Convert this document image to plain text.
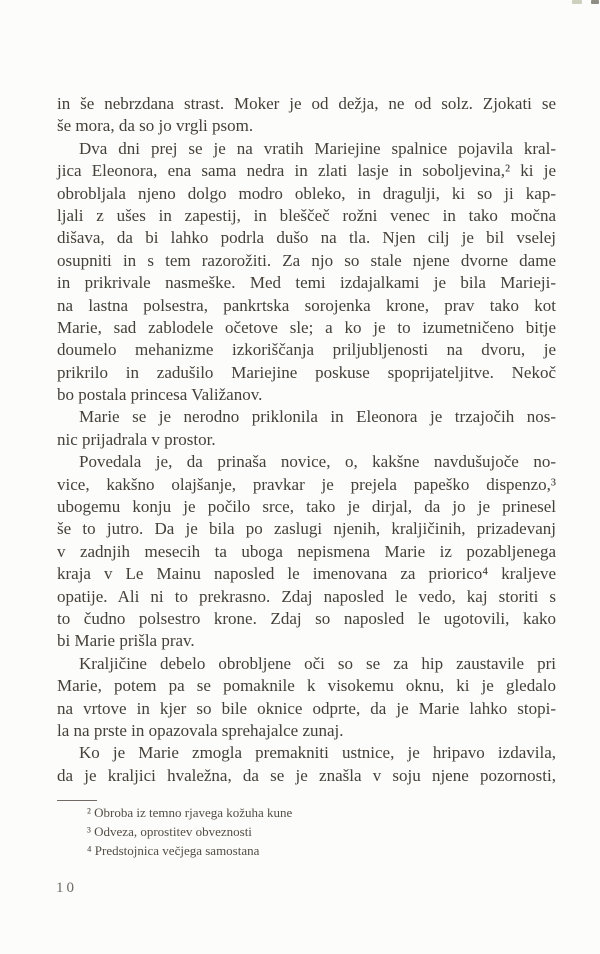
in še nebrzdana strast. Moker je od dežja, ne od solz. Zjokati se
še mora, da so jo vrgli psom.
Dva dni prej se je na vratih Mariejine spalnice pojavila kral-
jica Eleonora, ena sama nedra in zlati lasje in soboljevina,² ki je
obrobljala njeno dolgo modro obleko, in dragulji, ki so ji kap-
ljali z ušes in zapestij, in bleščeč rožni venec in tako močna
dišava, da bi lahko podrla dušo na tla. Njen cilj je bil vselej
osupniti in s tem razorožiti. Za njo so stale njene dvorne dame
in prikrivale nasmeške. Med temi izdajalkami je bila Marieji-
na lastna polsestra, pankrtska sorojenka krone, prav tako kot
Marie, sad zablodele očetove sle; a ko je to izumetničeno bitje
doumelo mehanizme izkoriščanja priljubljenosti na dvoru, je
prikrilo in zadušilo Mariejine poskuse spoprijateljitve. Nekoč
bo postala princesa Valižanov.
Marie se je nerodno priklonila in Eleonora je trzajočih nos-
nic prijadrala v prostor.
Povedala je, da prinaša novice, o, kakšne navdušujoče no-
vice, kakšno olajšanje, pravkar je prejela papeško dispenzo,³
ubogemu konju je počilo srce, tako je dirjal, da jo je prinesel
še to jutro. Da je bila po zaslugi njenih, kraljičinih, prizadevanj
v zadnjih mesecih ta uboga nepismena Marie iz pozabljenega
kraja v Le Mainu naposled le imenovana za priorico⁴ kraljeve
opatije. Ali ni to prekrasno. Zdaj naposled le vedo, kaj storiti s
to čudno polsestro krone. Zdaj so naposled le ugotovili, kako
bi Marie prišla prav.
Kraljičine debelo obrobljene oči so se za hip zaustavile pri
Marie, potem pa se pomaknile k visokemu oknu, ki je gledalo
na vrtove in kjer so bile oknice odprte, da je Marie lahko stopi-
la na prste in opazovala sprehajalce zunaj.
Ko je Marie zmogla premakniti ustnice, je hripavo izdavila,
da je kraljici hvaležna, da se je znašla v soju njene pozornosti,
² Obroba iz temno rjavega kožuha kune
³ Odveza, oprostitev obveznosti
⁴ Predstojnica večjega samostana
10
